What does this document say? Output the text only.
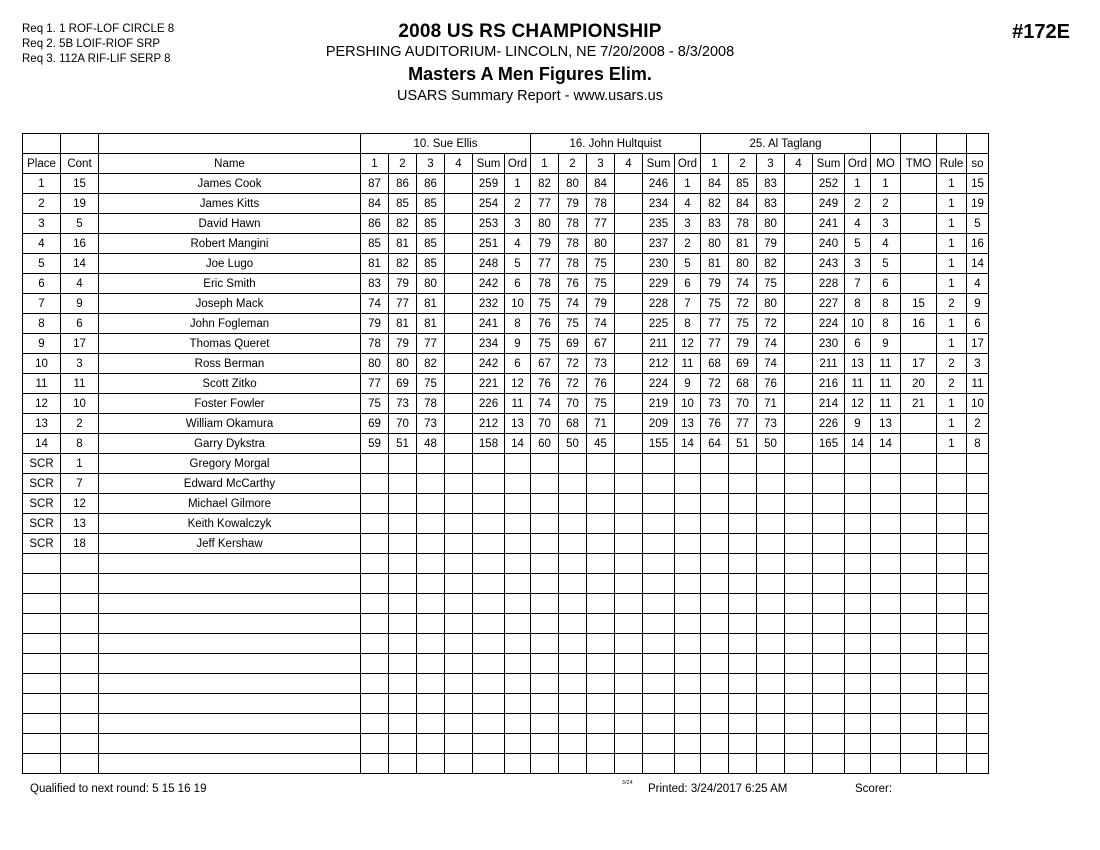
Req 1. 1 ROF-LOF CIRCLE 8
Req 2. 5B LOIF-RIOF SRP
Req 3. 112A RIF-LIF SERP 8
2008 US RS CHAMPIONSHIP
PERSHING AUDITORIUM- LINCOLN, NE 7/20/2008 - 8/3/2008
Masters A Men Figures Elim.
USARS Summary Report - www.usars.us
#172E
			10. Sue Ellis						16. John Hultquist						25. Al Taglang									
Place	Cont	Name	1	2	3	4	Sum	Ord	1	2	3	4	Sum	Ord	1	2	3	4	Sum	Ord	MO	TMO	Rule	so
1	15	James Cook	87	86	86		259	1	82	80	84		246	1	84	85	83		252	1	1		1	15
2	19	James Kitts	84	85	85		254	2	77	79	78		234	4	82	84	83		249	2	2		1	19
3	5	David Hawn	86	82	85		253	3	80	78	77		235	3	83	78	80		241	4	3		1	5
4	16	Robert Mangini	85	81	85		251	4	79	78	80		237	2	80	81	79		240	5	4		1	16
5	14	Joe Lugo	81	82	85		248	5	77	78	75		230	5	81	80	82		243	3	5		1	14
6	4	Eric Smith	83	79	80		242	6	78	76	75		229	6	79	74	75		228	7	6		1	4
7	9	Joseph Mack	74	77	81		232	10	75	74	79		228	7	75	72	80		227	8	8	15	2	9
8	6	John Fogleman	79	81	81		241	8	76	75	74		225	8	77	75	72		224	10	8	16	1	6
9	17	Thomas Queret	78	79	77		234	9	75	69	67		211	12	77	79	74		230	6	9		1	17
10	3	Ross Berman	80	80	82		242	6	67	72	73		212	11	68	69	74		211	13	11	17	2	3
11	11	Scott Zitko	77	69	75		221	12	76	72	76		224	9	72	68	76		216	11	11	20	2	11
12	10	Foster Fowler	75	73	78		226	11	74	70	75		219	10	73	70	71		214	12	11	21	1	10
13	2	William Okamura	69	70	73		212	13	70	68	71		209	13	76	77	73		226	9	13		1	2
14	8	Garry Dykstra	59	51	48		158	14	60	50	45		155	14	64	51	50		165	14	14		1	8
SCR	1	Gregory Morgal																						
SCR	7	Edward McCarthy																						
SCR	12	Michael Gilmore																						
SCR	13	Keith Kowalczyk																						
SCR	18	Jeff Kershaw																						

Qualified to next round: 5 15 16 19	3/24 Printed: 3/24/2017 6:25 AM	Scorer:
